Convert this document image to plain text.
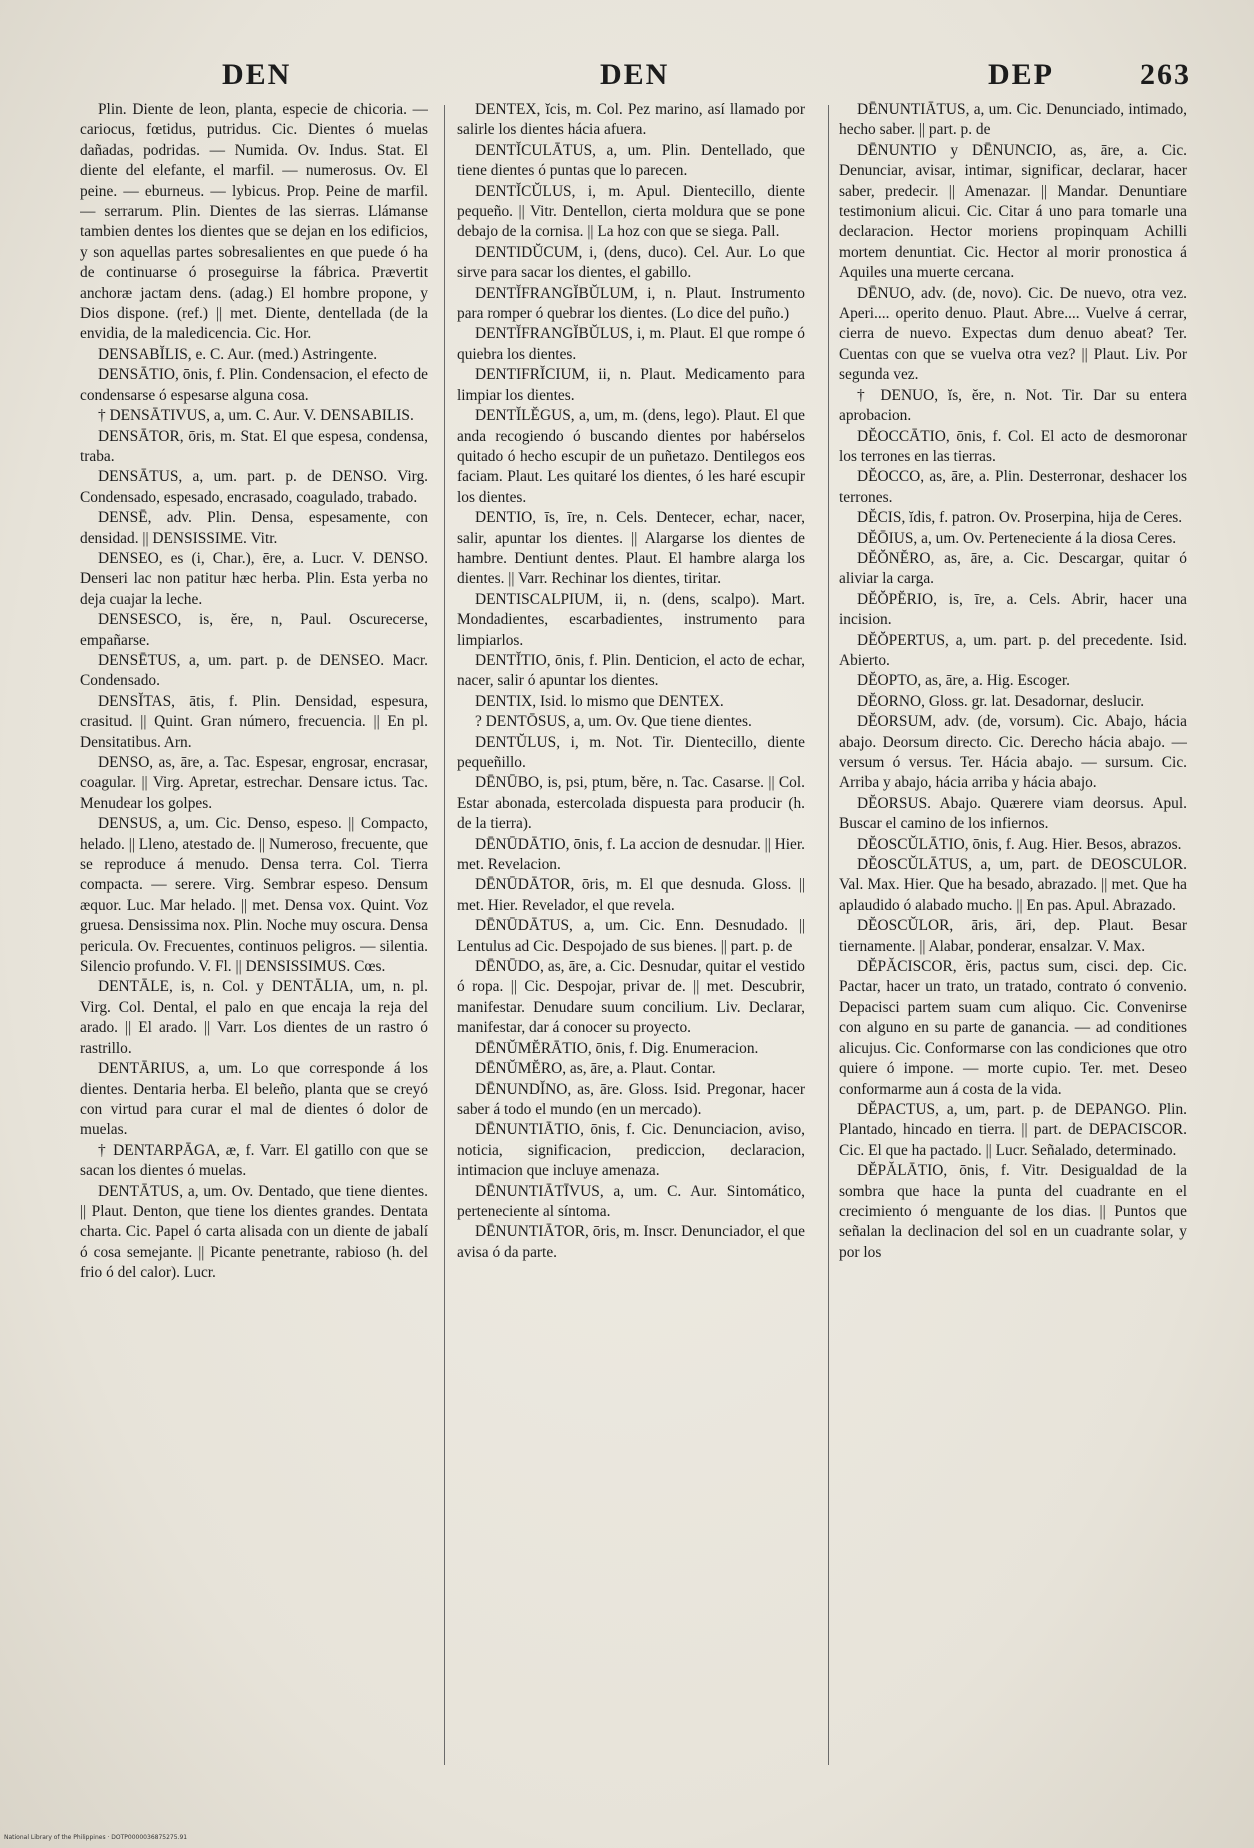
DEN	DEN	DEP	263

Plin. Diente de leon, planta, especie de chicoria. — cariocus, fœtidus, putridus. Cic. Dientes ó muelas dañadas, podridas. — Numida. Ov. Indus. Stat. El diente del elefante, el marfil. — numerosus. Ov. El peine. — eburneus. — lybicus. Prop. Peine de marfil. — serrarum. Plin. Dientes de las sierras. Llámanse tambien dentes los dientes que se dejan en los edificios, y son aquellas partes sobresalientes en que puede ó ha de continuarse ó proseguirse la fábrica. Prævertit anchoræ jactam dens. (adag.) El hombre propone, y Dios dispone. (ref.) || met. Diente, dentellada (de la envidia, de la maledicencia. Cic. Hor.

DENSABĬLIS, e. C. Aur. (med.) Astringente.

DENSĀTIO, ōnis, f. Plin. Condensacion, el efecto de condensarse ó espesarse alguna cosa.

† DENSĀTIVUS, a, um. C. Aur. V. DENSABILIS.

DENSĀTOR, ōris, m. Stat. El que espesa, condensa, traba.

DENSĀTUS, a, um. part. p. de DENSO. Virg. Condensado, espesado, encrasado, coagulado, trabado.

DENSĒ, adv. Plin. Densa, espesamente, con densidad. || DENSISSIME. Vitr.

DENSEO, es (i, Char.), ēre, a. Lucr. V. DENSO. Denseri lac non patitur hæc herba. Plin. Esta yerba no deja cuajar la leche.

DENSESCO, is, ĕre, n, Paul. Oscurecerse, empañarse.

DENSĒTUS, a, um. part. p. de DENSEO. Macr. Condensado.

DENSĬTAS, ātis, f. Plin. Densidad, espesura, crasitud. || Quint. Gran número, frecuencia. || En pl. Densitatibus. Arn.

DENSO, as, āre, a. Tac. Espesar, engrosar, encrasar, coagular. || Virg. Apretar, estrechar. Densare ictus. Tac. Menudear los golpes.

DENSUS, a, um. Cic. Denso, espeso. || Compacto, helado. || Lleno, atestado de. || Numeroso, frecuente, que se reproduce á menudo. Densa terra. Col. Tierra compacta. — serere. Virg. Sembrar espeso. Densum æquor. Luc. Mar helado. || met. Densa vox. Quint. Voz gruesa. Densissima nox. Plin. Noche muy oscura. Densa pericula. Ov. Frecuentes, continuos peligros. — silentia. Silencio profundo. V. Fl. || DENSISSIMUS. Cœs.

DENTĀLE, is, n. Col. y DENTĀLIA, um, n. pl. Virg. Col. Dental, el palo en que encaja la reja del arado. || El arado. || Varr. Los dientes de un rastro ó rastrillo.

DENTĀRIUS, a, um. Lo que corresponde á los dientes. Dentaria herba. El beleño, planta que se creyó con virtud para curar el mal de dientes ó dolor de muelas.

† DENTARPĀGA, æ, f. Varr. El gatillo con que se sacan los dientes ó muelas.

DENTĀTUS, a, um. Ov. Dentado, que tiene dientes. || Plaut. Denton, que tiene los dientes grandes. Dentata charta. Cic. Papel ó carta alisada con un diente de jabalí ó cosa semejante. || Picante penetrante, rabioso (h. del frio ó del calor). Lucr.

DENTEX, ĭcis, m. Col. Pez marino, así llamado por salirle los dientes hácia afuera.

DENTĬCULĀTUS, a, um. Plin. Dentellado, que tiene dientes ó puntas que lo parecen.

DENTĬCŬLUS, i, m. Apul. Dientecillo, diente pequeño. || Vitr. Dentellon, cierta moldura que se pone debajo de la cornisa. || La hoz con que se siega. Pall.

DENTIDŬCUM, i, (dens, duco). Cel. Aur. Lo que sirve para sacar los dientes, el gabillo.

DENTĬFRANGĬBŬLUM, i, n. Plaut. Instrumento para romper ó quebrar los dientes. (Lo dice del puño.)

DENTĬFRANGĬBŬLUS, i, m. Plaut. El que rompe ó quiebra los dientes.

DENTIFRĬCIUM, ii, n. Plaut. Medicamento para limpiar los dientes.

DENTĬLĔGUS, a, um, m. (dens, lego). Plaut. El que anda recogiendo ó buscando dientes por habérselos quitado ó hecho escupir de un puñetazo. Dentilegos eos faciam. Plaut. Les quitaré los dientes, ó les haré escupir los dientes.

DENTIO, īs, īre, n. Cels. Dentecer, echar, nacer, salir, apuntar los dientes. || Alargarse los dientes de hambre. Dentiunt dentes. Plaut. El hambre alarga los dientes. || Varr. Rechinar los dientes, tiritar.

DENTISCALPIUM, ii, n. (dens, scalpo). Mart. Mondadientes, escarbadientes, instrumento para limpiarlos.

DENTĬTIO, ōnis, f. Plin. Denticion, el acto de echar, nacer, salir ó apuntar los dientes.

DENTIX, Isid. lo mismo que DENTEX.

? DENTŌSUS, a, um. Ov. Que tiene dientes.

DENTŬLUS, i, m. Not. Tir. Dientecillo, diente pequeñillo.

DĒNŪBO, is, psi, ptum, bĕre, n. Tac. Casarse. || Col. Estar abonada, estercolada dispuesta para producir (h. de la tierra).

DĒNŪDĀTIO, ōnis, f. La accion de desnudar. || Hier. met. Revelacion.

DĒNŪDĀTOR, ōris, m. El que desnuda. Gloss. || met. Hier. Revelador, el que revela.

DĒNŪDĀTUS, a, um. Cic. Enn. Desnudado. || Lentulus ad Cic. Despojado de sus bienes. || part. p. de

DĒNŪDO, as, āre, a. Cic. Desnudar, quitar el vestido ó ropa. || Cic. Despojar, privar de. || met. Descubrir, manifestar. Denudare suum concilium. Liv. Declarar, manifestar, dar á conocer su proyecto.

DĒNŬMĔRĀTIO, ōnis, f. Dig. Enumeracion.

DĒNŬMĔRO, as, āre, a. Plaut. Contar.

DĒNUNDĬNO, as, āre. Gloss. Isid. Pregonar, hacer saber á todo el mundo (en un mercado).

DĒNUNTIĀTIO, ōnis, f. Cic. Denunciacion, aviso, noticia, significacion, prediccion, declaracion, intimacion que incluye amenaza.

DĒNUNTIĀTĪVUS, a, um. C. Aur. Sintomático, perteneciente al síntoma.

DĒNUNTIĀTOR, ōris, m. Inscr. Denunciador, el que avisa ó da parte.

DĒNUNTIĀTUS, a, um. Cic. Denunciado, intimado, hecho saber. || part. p. de

DĒNUNTIO y DĒNUNCIO, as, āre, a. Cic. Denunciar, avisar, intimar, significar, declarar, hacer saber, predecir. || Amenazar. || Mandar. Denuntiare testimonium alicui. Cic. Citar á uno para tomarle una declaracion. Hector moriens propinquam Achilli mortem denuntiat. Cic. Hector al morir pronostica á Aquiles una muerte cercana.

DĒNUO, adv. (de, novo). Cic. De nuevo, otra vez. Aperi.... operito denuo. Plaut. Abre.... Vuelve á cerrar, cierra de nuevo. Expectas dum denuo abeat? Ter. Cuentas con que se vuelva otra vez? || Plaut. Liv. Por segunda vez.

† DENUO, ĭs, ĕre, n. Not. Tir. Dar su entera aprobacion.

DĔOCCĀTIO, ōnis, f. Col. El acto de desmoronar los terrones en las tierras.

DĔOCCO, as, āre, a. Plin. Desterronar, deshacer los terrones.

DĔCIS, ĭdis, f. patron. Ov. Proserpina, hija de Ceres.

DĔŌIUS, a, um. Ov. Perteneciente á la diosa Ceres.

DĔŎNĔRO, as, āre, a. Cic. Descargar, quitar ó aliviar la carga.

DĔŎPĔRIO, is, īre, a. Cels. Abrir, hacer una incision.

DĔŎPERTUS, a, um. part. p. del precedente. Isid. Abierto.

DĔOPTO, as, āre, a. Hig. Escoger.

DĔORNO, Gloss. gr. lat. Desadornar, deslucir.

DĔORSUM, adv. (de, vorsum). Cic. Abajo, hácia abajo. Deorsum directo. Cic. Derecho hácia abajo. — versum ó versus. Ter. Hácia abajo. — sursum. Cic. Arriba y abajo, hácia arriba y hácia abajo.

DĔORSUS. Abajo. Quærere viam deorsus. Apul. Buscar el camino de los infiernos.

DĔOSCŬLĀTIO, ōnis, f. Aug. Hier. Besos, abrazos.

DĔOSCŬLĀTUS, a, um, part. de DEOSCULOR. Val. Max. Hier. Que ha besado, abrazado. || met. Que ha aplaudido ó alabado mucho. || En pas. Apul. Abrazado.

DĔOSCŬLOR, āris, āri, dep. Plaut. Besar tiernamente. || Alabar, ponderar, ensalzar. V. Max.

DĔPĂCISCOR, ĕris, pactus sum, cisci. dep. Cic. Pactar, hacer un trato, un tratado, contrato ó convenio. Depacisci partem suam cum aliquo. Cic. Convenirse con alguno en su parte de ganancia. — ad conditiones alicujus. Cic. Conformarse con las condiciones que otro quiere ó impone. — morte cupio. Ter. met. Deseo conformarme aun á costa de la vida.

DĔPACTUS, a, um, part. p. de DEPANGO. Plin. Plantado, hincado en tierra. || part. de DEPACISCOR. Cic. El que ha pactado. || Lucr. Señalado, determinado.

DĔPĂLĀTIO, ōnis, f. Vitr. Desigualdad de la sombra que hace la punta del cuadrante en el crecimiento ó menguante de los dias. || Puntos que señalan la declinacion del sol en un cuadrante solar, y por los

National Library of the Philippines · DOTP0000036875275.91
